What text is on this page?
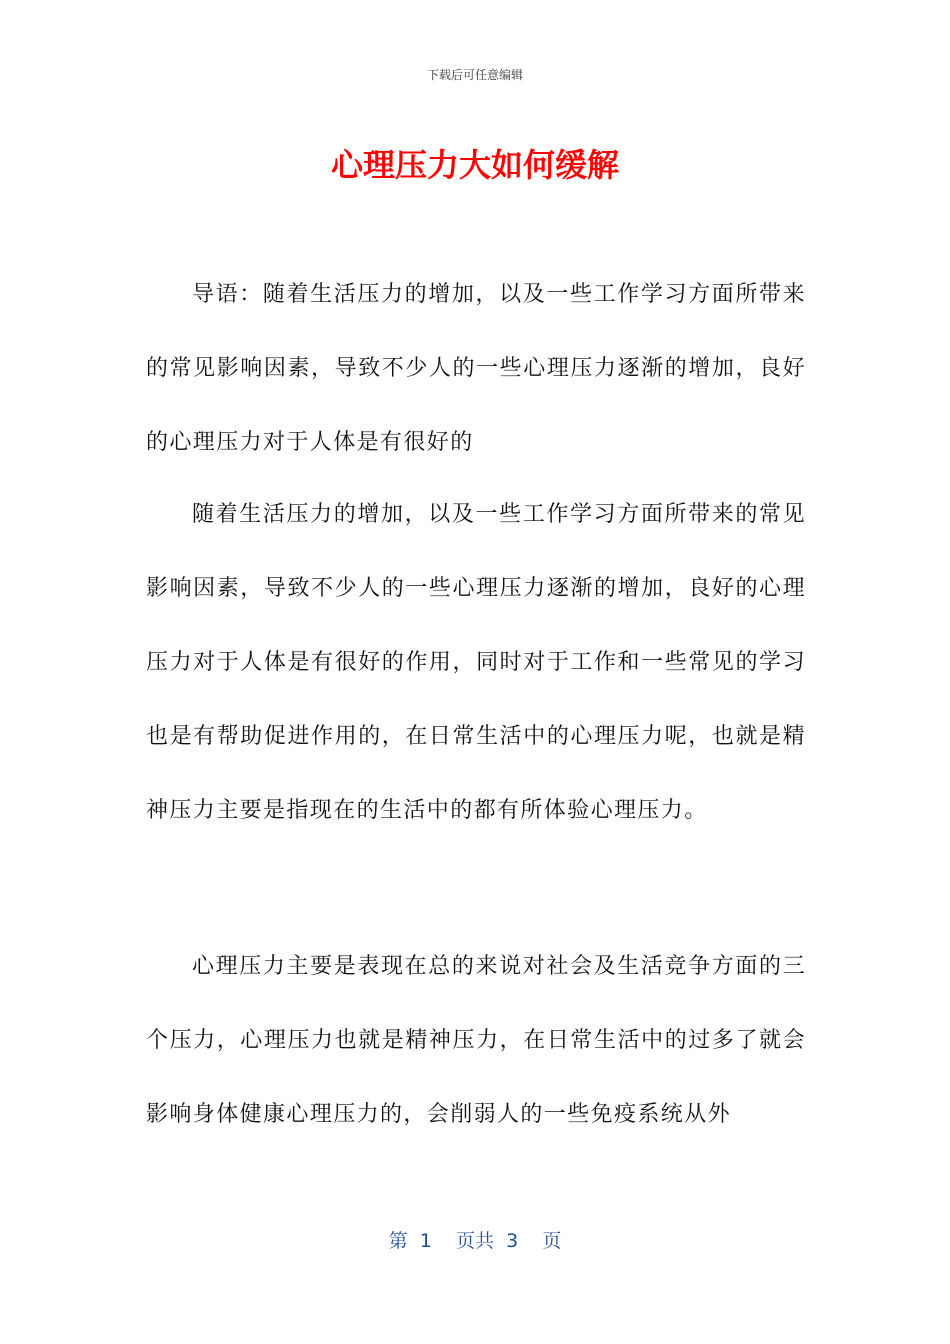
下载后可任意编辑
心理压力大如何缓解

导语：随着生活压力的增加，以及一些工作学习方面所带来的常见影响因素，导致不少人的一些心理压力逐渐的增加，良好的心理压力对于人体是有很好的

随着生活压力的增加，以及一些工作学习方面所带来的常见影响因素，导致不少人的一些心理压力逐渐的增加，良好的心理压力对于人体是有很好的作用，同时对于工作和一些常见的学习也是有帮助促进作用的，在日常生活中的心理压力呢，也就是精神压力主要是指现在的生活中的都有所体验心理压力。

心理压力主要是表现在总的来说对社会及生活竞争方面的三个压力，心理压力也就是精神压力，在日常生活中的过多了就会影响身体健康心理压力的，会削弱人的一些免疫系统从外

第 1 页共 3 页
